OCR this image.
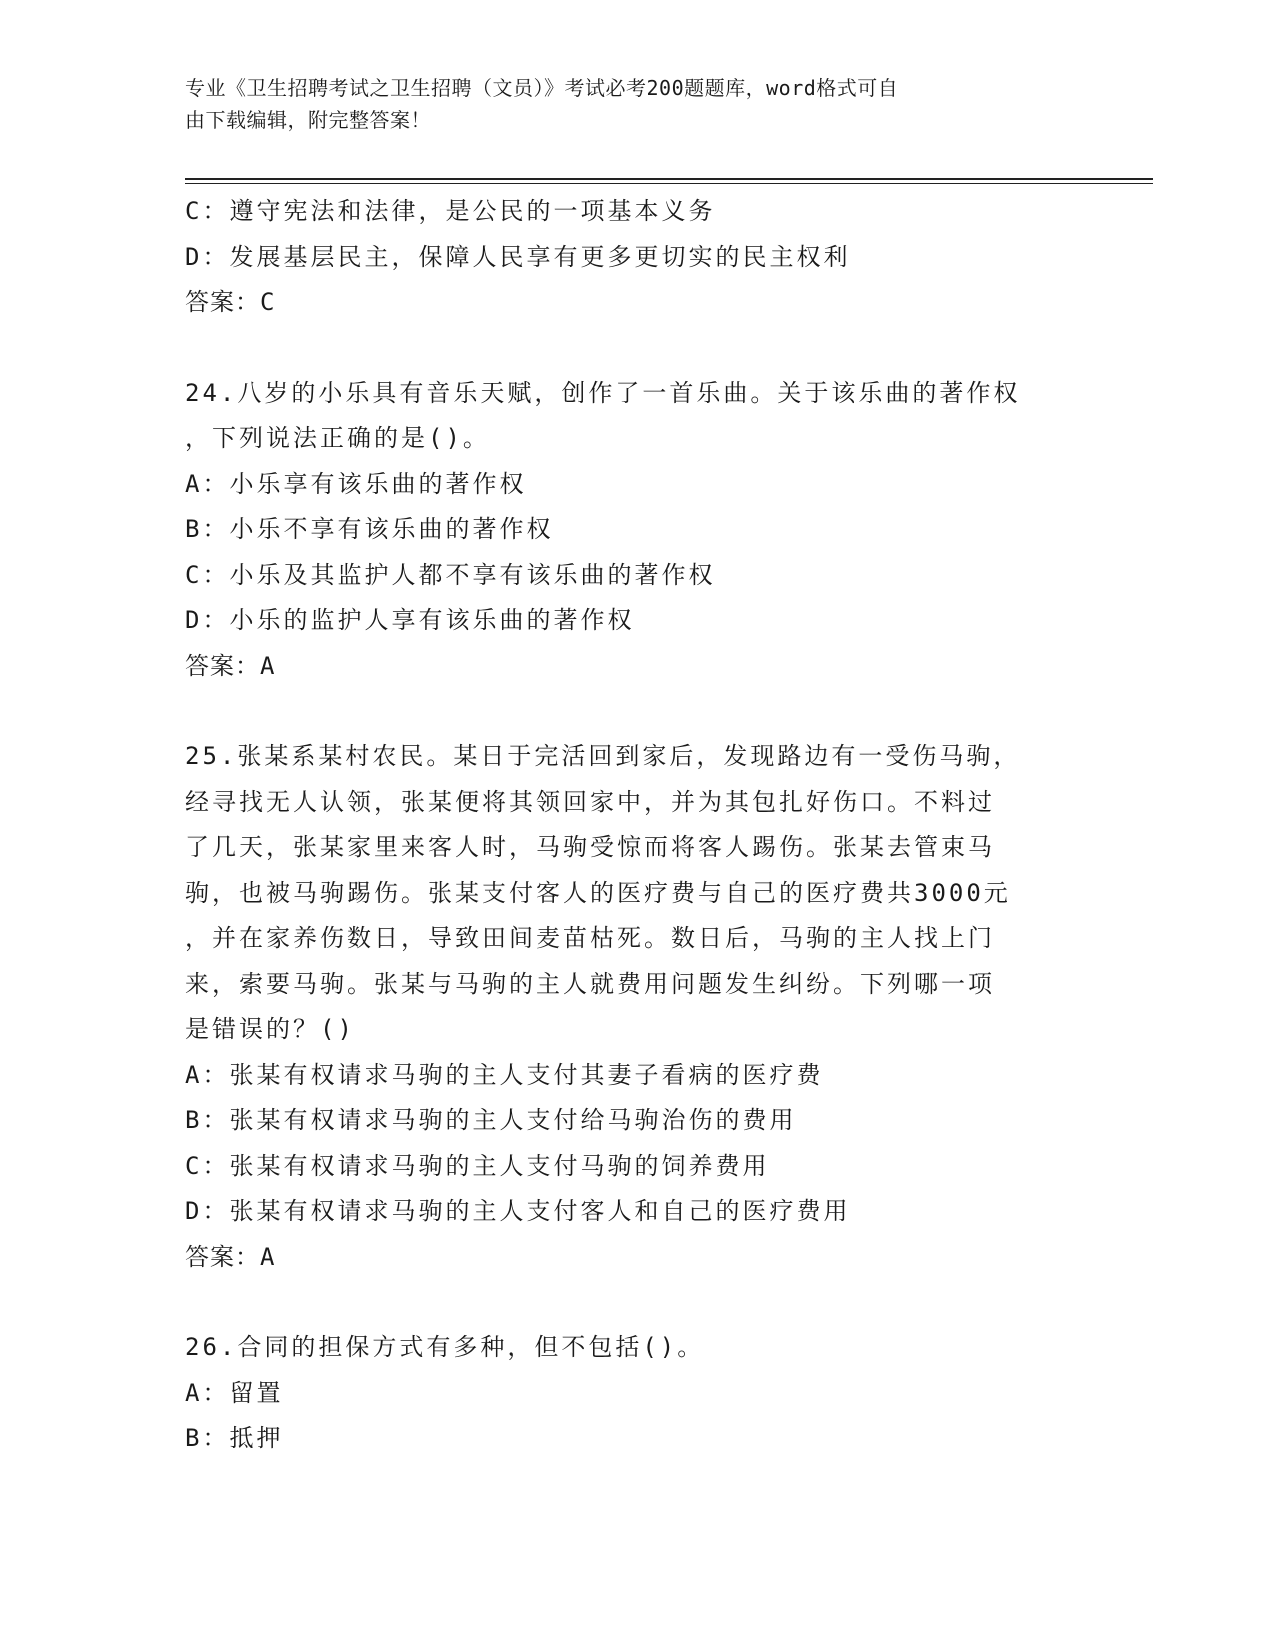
专业《卫生招聘考试之卫生招聘（文员）》考试必考200题题库，word格式可自
由下载编辑，附完整答案！
C：遵守宪法和法律，是公民的一项基本义务
D：发展基层民主，保障人民享有更多更切实的民主权利
答案：C
24.八岁的小乐具有音乐天赋，创作了一首乐曲。关于该乐曲的著作权
，下列说法正确的是()。
A：小乐享有该乐曲的著作权
B：小乐不享有该乐曲的著作权
C：小乐及其监护人都不享有该乐曲的著作权
D：小乐的监护人享有该乐曲的著作权
答案：A
25.张某系某村农民。某日于完活回到家后，发现路边有一受伤马驹，
经寻找无人认领，张某便将其领回家中，并为其包扎好伤口。不料过
了几天，张某家里来客人时，马驹受惊而将客人踢伤。张某去管束马
驹，也被马驹踢伤。张某支付客人的医疗费与自己的医疗费共3000元
，并在家养伤数日，导致田间麦苗枯死。数日后，马驹的主人找上门
来，索要马驹。张某与马驹的主人就费用问题发生纠纷。下列哪一项
是错误的？()
A：张某有权请求马驹的主人支付其妻子看病的医疗费
B：张某有权请求马驹的主人支付给马驹治伤的费用
C：张某有权请求马驹的主人支付马驹的饲养费用
D：张某有权请求马驹的主人支付客人和自己的医疗费用
答案：A
26.合同的担保方式有多种，但不包括()。
A：留置
B：抵押
